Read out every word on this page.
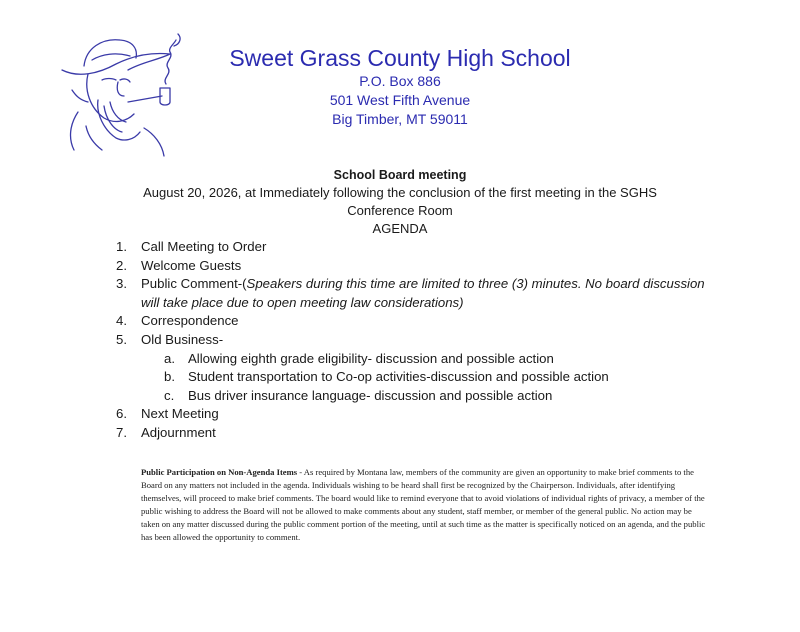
Sweet Grass County High School
P.O. Box 886
501 West Fifth Avenue
Big Timber, MT 59011
School Board meeting
August 20, 2026, at Immediately following the conclusion of the first meeting in the SGHS
Conference Room
AGENDA
1.	Call Meeting to Order
2.	Welcome Guests
3.	Public Comment-(Speakers during this time are limited to three (3) minutes. No board discussion will take place due to open meeting law considerations)
4.	Correspondence
5.	Old Business-
a. Allowing eighth grade eligibility- discussion and possible action
b. Student transportation to Co-op activities-discussion and possible action
c.	Bus driver insurance language- discussion and possible action
6.	Next Meeting
7.	Adjournment
Public Participation on Non-Agenda Items - As required by Montana law, members of the community are given an opportunity to make brief comments to the Board on any matters not included in the agenda. Individuals wishing to be heard shall first be recognized by the Chairperson. Individuals, after identifying themselves, will proceed to make brief comments. The board would like to remind everyone that to avoid violations of individual rights of privacy, a member of the public wishing to address the Board will not be allowed to make comments about any student, staff member, or member of the general public. No action may be taken on any matter discussed during the public comment portion of the meeting, until at such time as the matter is specifically noticed on an agenda, and the public has been allowed the opportunity to comment.
